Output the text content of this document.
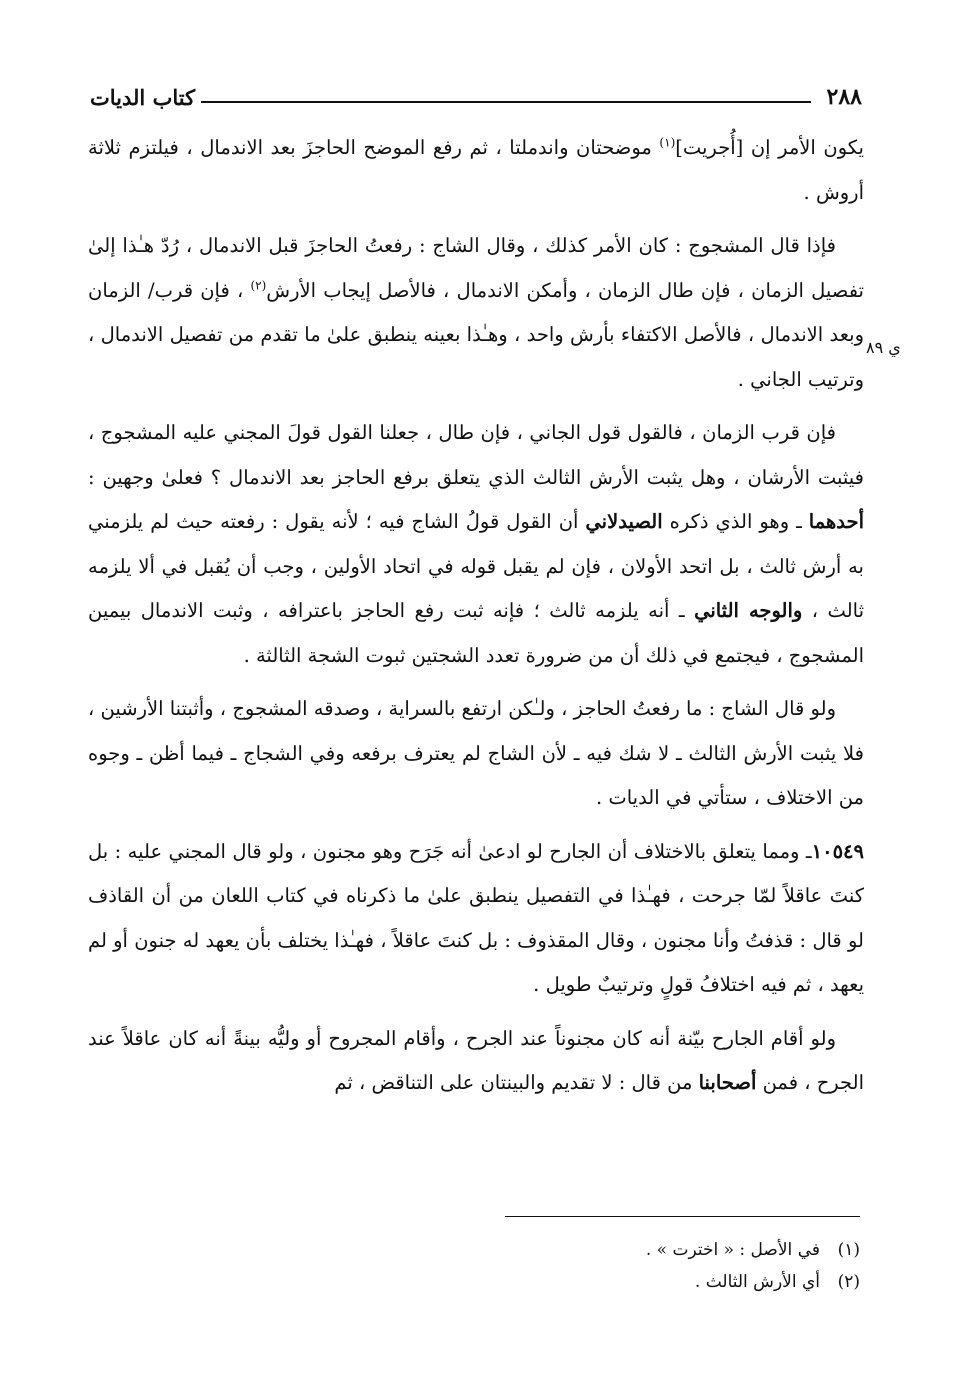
٢٨٨
كتاب الديات
ي ٨٩

يكون الأمر إن [أُجريت]$^{(١)}$ موضحتان واندملتا ، ثم رفع الموضح الحاجزَ بعد الاندمال ، فيلتزم ثلاثة أروش .

فإذا قال المشجوج : كان الأمر كذلك ، وقال الشاج : رفعتُ الحاجزَ قبل الاندمال ، رُدّ هـٰذا إلىٰ تفصيل الزمان ، فإن طال الزمان ، وأمكن الاندمال ، فالأصل إيجاب الأرش$^{(٢)}$ ، فإن قرب/ الزمان وبعد الاندمال ، فالأصل الاكتفاء بأرش واحد ، وهـٰذا بعينه ينطبق علىٰ ما تقدم من تفصيل الاندمال ، وترتيب الجاني .

فإن قرب الزمان ، فالقول قول الجاني ، فإن طال ، جعلنا القول قولَ المجني عليه المشجوج ، فيثبت الأرشان ، وهل يثبت الأرش الثالث الذي يتعلق برفع الحاجز بعد الاندمال ؟ فعلىٰ وجهين : أحدهما ـ وهو الذي ذكره الصيدلاني أن القول قولُ الشاج فيه ؛ لأنه يقول : رفعته حيث لم يلزمني به أرش ثالث ، بل اتحد الأولان ، فإن لم يقبل قوله في اتحاد الأولين ، وجب أن يُقبل في ألا يلزمه ثالث ، والوجه الثاني ـ أنه يلزمه ثالث ؛ فإنه ثبت رفع الحاجز باعترافه ، وثبت الاندمال بيمين المشجوج ، فيجتمع في ذلك أن من ضرورة تعدد الشجتين ثبوت الشجة الثالثة .

ولو قال الشاج : ما رفعتُ الحاجز ، ولـٰكن ارتفع بالسراية ، وصدقه المشجوج ، وأثبتنا الأرشين ، فلا يثبت الأرش الثالث ـ لا شك فيه ـ لأن الشاج لم يعترف برفعه وفي الشجاج ـ فيما أظن ـ وجوه من الاختلاف ، ستأتي في الديات .

١٠٥٤٩ـ ومما يتعلق بالاختلاف أن الجارح لو ادعىٰ أنه جَرَح وهو مجنون ، ولو قال المجني عليه : بل كنتَ عاقلاً لمّا جرحت ، فهـٰذا في التفصيل ينطبق علىٰ ما ذكرناه في كتاب اللعان من أن القاذف لو قال : قذفتُ وأنا مجنون ، وقال المقذوف : بل كنتَ عاقلاً ، فهـٰذا يختلف بأن يعهد له جنون أو لم يعهد ، ثم فيه اختلافُ قولٍ وترتيبٌ طويل .

ولو أقام الجارح بيّنة أنه كان مجنوناً عند الجرح ، وأقام المجروح أو وليُّه بينةً أنه كان عاقلاً عند الجرح ، فمن أصحابنا من قال : لا تقديم والبينتان على التناقض ، ثم

(١)في الأصل : « اخترت » .
(٢)أي الأرش الثالث .
